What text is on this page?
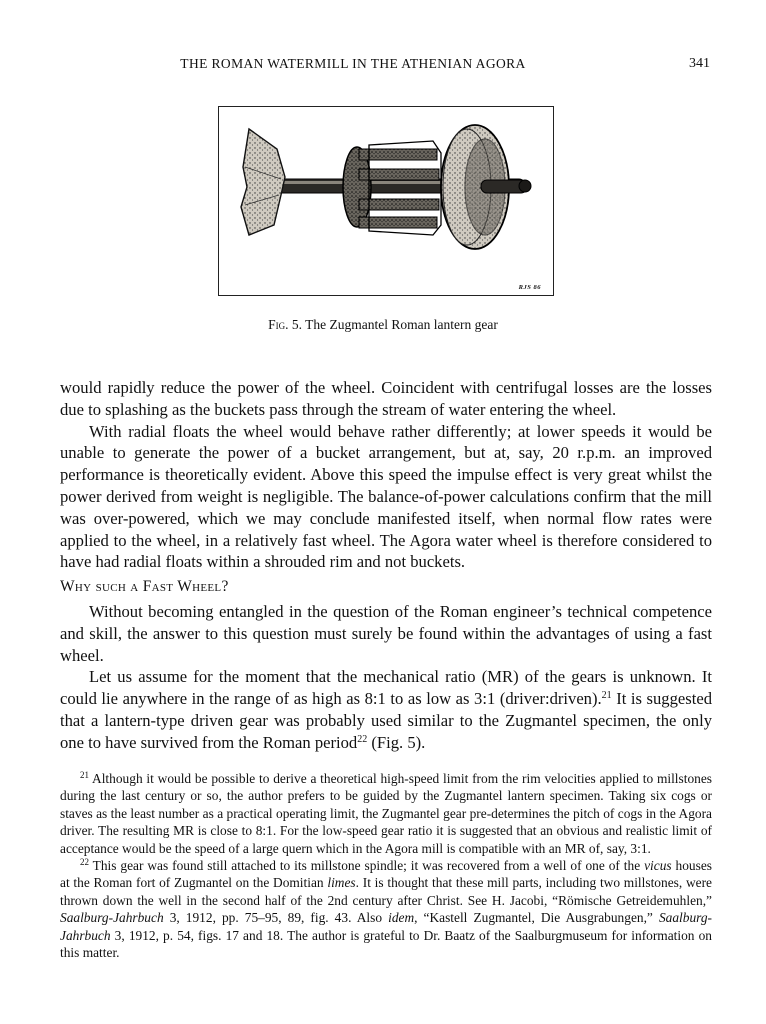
THE ROMAN WATERMILL IN THE ATHENIAN AGORA	341
RJS 86
Fig. 5. The Zugmantel Roman lantern gear

would rapidly reduce the power of the wheel. Coincident with centrifugal losses are the losses due to splashing as the buckets pass through the stream of water entering the wheel.

With radial floats the wheel would behave rather differently; at lower speeds it would be unable to generate the power of a bucket arrangement, but at, say, 20 r.p.m. an improved performance is theoretically evident. Above this speed the impulse effect is very great whilst the power derived from weight is negligible. The balance-of-power calculations confirm that the mill was over-powered, which we may conclude manifested itself, when normal flow rates were applied to the wheel, in a relatively fast wheel. The Agora water wheel is therefore considered to have had radial floats within a shrouded rim and not buckets.

Why such a Fast Wheel?

Without becoming entangled in the question of the Roman engineer’s technical competence and skill, the answer to this question must surely be found within the advantages of using a fast wheel.

Let us assume for the moment that the mechanical ratio (MR) of the gears is unknown. It could lie anywhere in the range of as high as 8:1 to as low as 3:1 (driver:driven).$^{21}$ It is suggested that a lantern-type driven gear was probably used similar to the Zugmantel specimen, the only one to have survived from the Roman period$^{22}$ (Fig. 5).

$^{21}$ Although it would be possible to derive a theoretical high-speed limit from the rim velocities applied to millstones during the last century or so, the author prefers to be guided by the Zugmantel lantern specimen. Taking six cogs or staves as the least number as a practical operating limit, the Zugmantel gear pre-determines the pitch of cogs in the Agora driver. The resulting MR is close to 8:1. For the low-speed gear ratio it is suggested that an obvious and realistic limit of acceptance would be the speed of a large quern which in the Agora mill is compatible with an MR of, say, 3:1.

$^{22}$ This gear was found still attached to its millstone spindle; it was recovered from a well of one of the vicus houses at the Roman fort of Zugmantel on the Domitian limes. It is thought that these mill parts, including two millstones, were thrown down the well in the second half of the 2nd century after Christ. See H. Jacobi, “Römische Getreidemuhlen,” Saalburg-Jahrbuch 3, 1912, pp. 75–95, 89, fig. 43. Also idem, “Kastell Zugmantel, Die Ausgrabungen,” Saalburg-Jahrbuch 3, 1912, p. 54, figs. 17 and 18. The author is grateful to Dr. Baatz of the Saalburgmuseum for information on this matter.
